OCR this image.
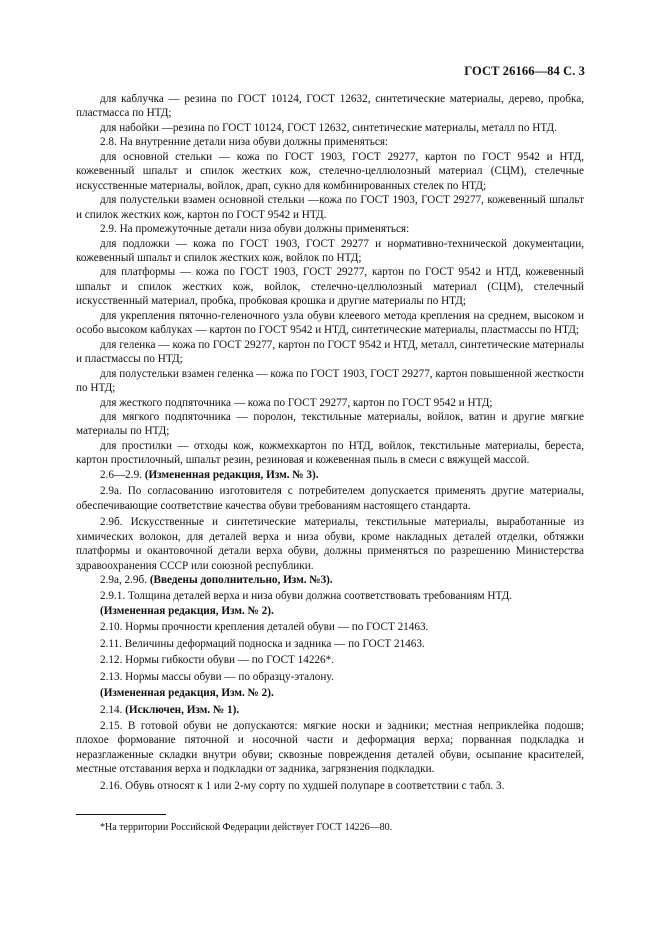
ГОСТ 26166—84 С. 3

для каблучка — резина по ГОСТ 10124, ГОСТ 12632, синтетические материалы, дерево, пробка, пластмасса по НТД;

для набойки —резина по ГОСТ 10124, ГОСТ 12632, синтетические материалы, металл по НТД.

2.8. На внутренние детали низа обуви должны применяться:

для основной стельки — кожа по ГОСТ 1903, ГОСТ 29277, картон по ГОСТ 9542 и НТД, кожевенный шпальт и спилок жестких кож, стелечно-целлюлозный материал (СЦМ), стелечные искусственные материалы, войлок, драп, сукно для комбинированных стелек по НТД;

для полустельки взамен основной стельки —кожа по ГОСТ 1903, ГОСТ 29277, кожевенный шпальт и спилок жестких кож, картон по ГОСТ 9542 и НТД.

2.9. На промежуточные детали низа обуви должны применяться:

для подложки — кожа по ГОСТ 1903, ГОСТ 29277 и нормативно-технической документации, кожевенный шпальт и спилок жестких кож, войлок по НТД;

для платформы — кожа по ГОСТ 1903, ГОСТ 29277, картон по ГОСТ 9542 и НТД, кожевенный шпальт и спилок жестких кож, войлок, стелечно-целлюлозный материал (СЦМ), стелечный искусственный материал, пробка, пробковая крошка и другие материалы по НТД;

для укрепления пяточно-геленочного узла обуви клеевого метода крепления на среднем, высоком и особо высоком каблуках — картон по ГОСТ 9542 и НТД, синтетические материалы, пластмассы по НТД;

для геленка — кожа по ГОСТ 29277, картон по ГОСТ 9542 и НТД, металл, синтетические материалы и пластмассы по НТД;

для полустельки взамен геленка — кожа по ГОСТ 1903, ГОСТ 29277, картон повышенной жесткости по НТД;

для жесткого подпяточника — кожа по ГОСТ 29277, картон по ГОСТ 9542 и НТД;

для мягкого подпяточника — поролон, текстильные материалы, войлок, ватин и другие мягкие материалы по НТД;

для простилки — отходы кож, кожмехкартон по НТД, войлок, текстильные материалы, береста, картон простилочный, шпальт резин, резиновая и кожевенная пыль в смеси с вяжущей массой.

2.6—2.9. (Измененная редакция, Изм. № 3).

2.9а. По согласованию изготовителя с потребителем допускается применять другие материалы, обеспечивающие соответствие качества обуви требованиям настоящего стандарта.

2.9б. Искусственные и синтетические материалы, текстильные материалы, выработанные из химических волокон, для деталей верха и низа обуви, кроме накладных деталей отделки, обтяжки платформы и окантовочной детали верха обуви, должны применяться по разрешению Министерства здравоохранения СССР или союзной республики.

2.9а, 2.9б. (Введены дополнительно, Изм. №3).

2.9.1. Толщина деталей верха и низа обуви должна соответствовать требованиям НТД.

(Измененная редакция, Изм. № 2).

2.10. Нормы прочности крепления деталей обуви — по ГОСТ 21463.

2.11. Величины деформаций подноска и задника — по ГОСТ 21463.

2.12. Нормы гибкости обуви — по ГОСТ 14226*.

2.13. Нормы массы обуви — по образцу-эталону.

(Измененная редакция, Изм. № 2).

2.14. (Исключен, Изм. № 1).

2.15. В готовой обуви не допускаются: мягкие носки и задники; местная неприклейка подошв; плохое формование пяточной и носочной части и деформация верха; порванная подкладка и неразглаженные складки внутри обуви; сквозные повреждения деталей обуви, осыпание красителей, местные отставания верха и подкладки от задника, загрязнения подкладки.

2.16. Обувь относят к 1 или 2-му сорту по худшей полупаре в соответствии с табл. 3.

*На территории Российской Федерации действует ГОСТ 14226—80.
